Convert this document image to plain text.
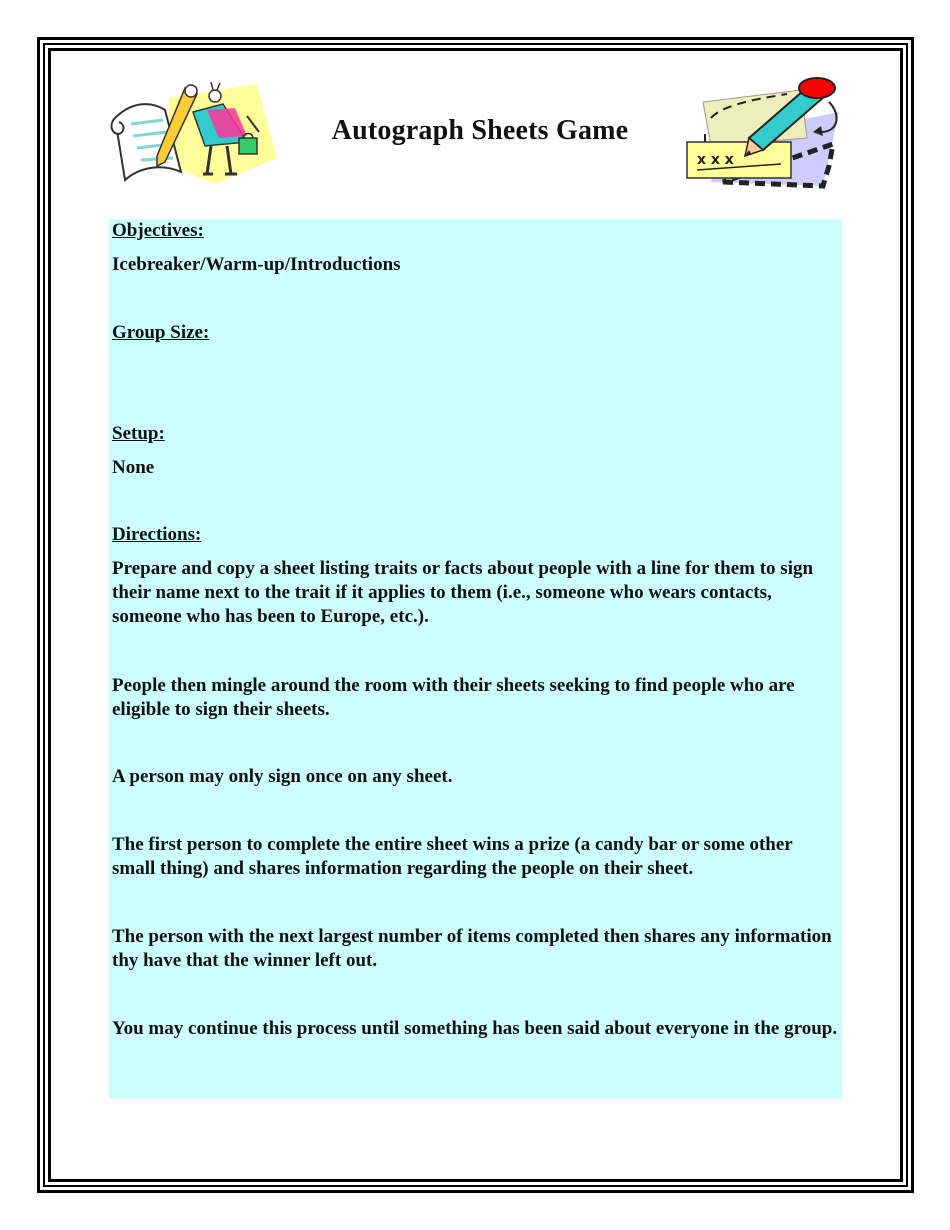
Autograph Sheets Game
x x x

Objectives:

Icebreaker/Warm-up/Introductions

Group Size:

Setup:

None

Directions:

Prepare and copy a sheet listing traits or facts about people with a line for them to sign their name next to the trait if it applies to them (i.e., someone who wears contacts, someone who has been to Europe, etc.).

People then mingle around the room with their sheets seeking to find people who are eligible to sign their sheets.

A person may only sign once on any sheet.

The first person to complete the entire sheet wins a prize (a candy bar or some other small thing) and shares information regarding the people on their sheet.

The person with the next largest number of items completed then shares any information thy have that the winner left out.

You may continue this process until something has been said about everyone in the group.
